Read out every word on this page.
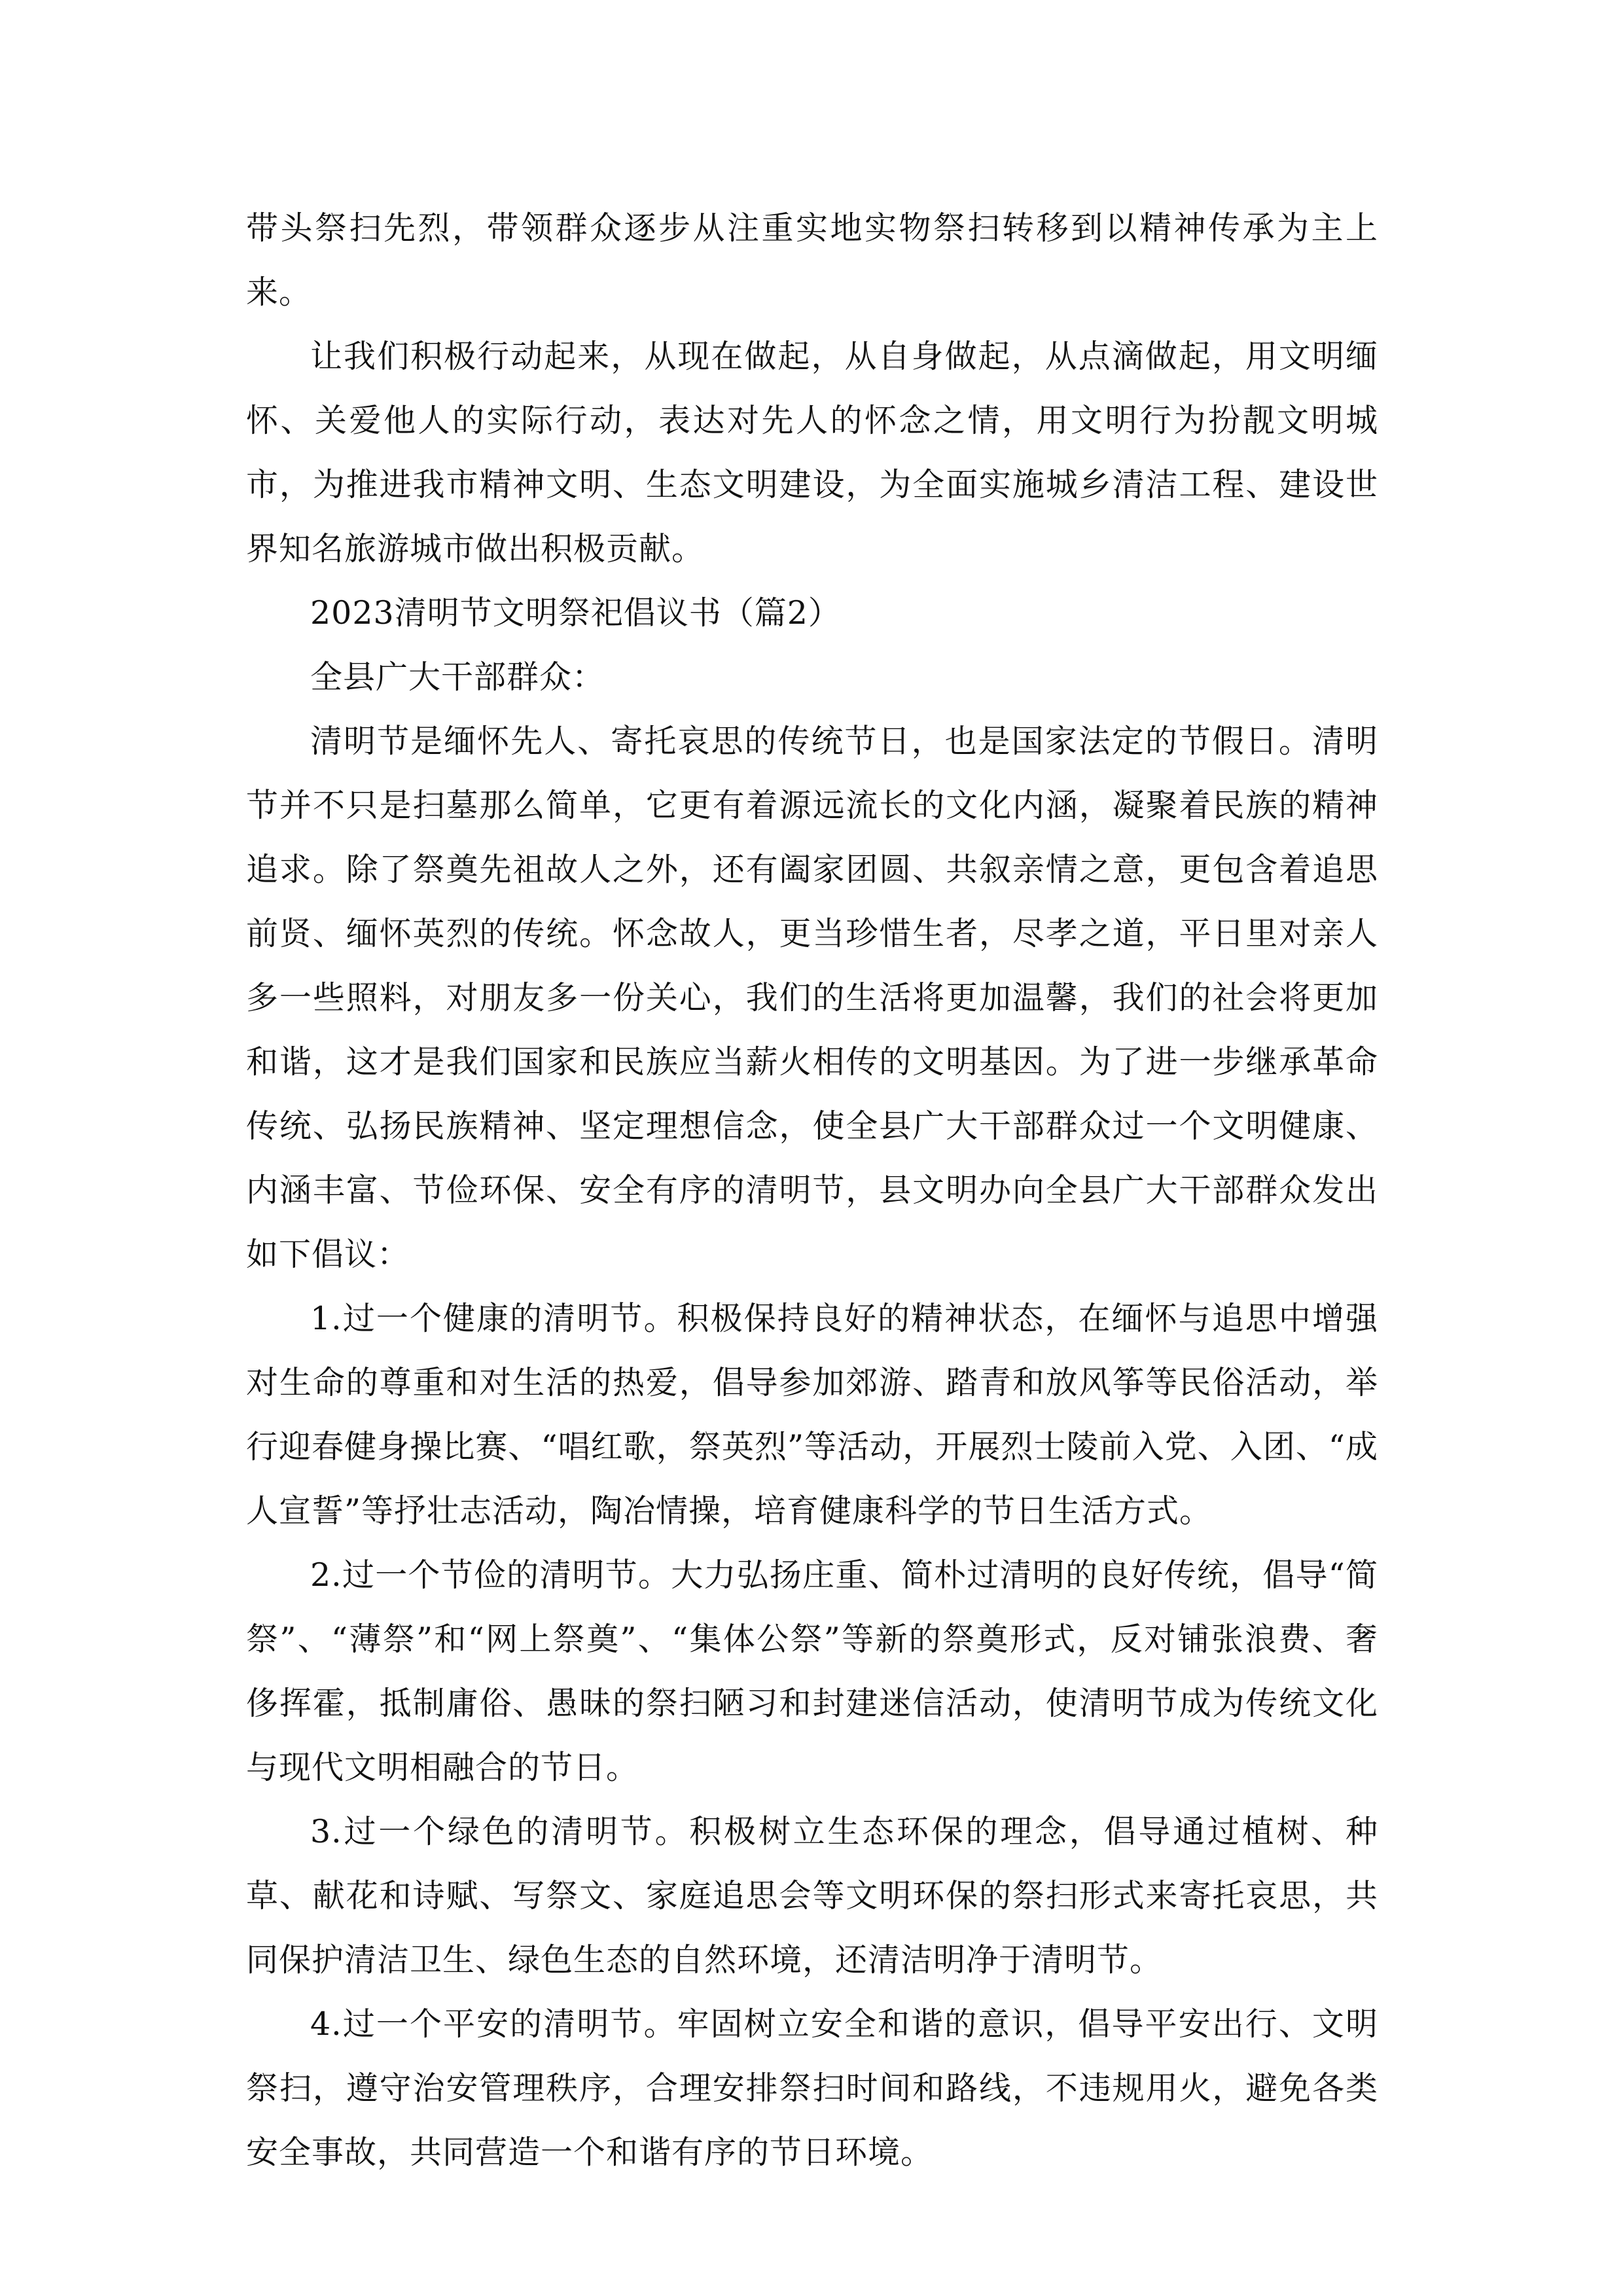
带头祭扫先烈，带领群众逐步从注重实地实物祭扫转移到以精神传承为主上来。

让我们积极行动起来，从现在做起，从自身做起，从点滴做起，用文明缅怀、关爱他人的实际行动，表达对先人的怀念之情，用文明行为扮靓文明城市，为推进我市精神文明、生态文明建设，为全面实施城乡清洁工程、建设世界知名旅游城市做出积极贡献。

2023清明节文明祭祀倡议书（篇2）

全县广大干部群众：

清明节是缅怀先人、寄托哀思的传统节日，也是国家法定的节假日。清明节并不只是扫墓那么简单，它更有着源远流长的文化内涵，凝聚着民族的精神追求。除了祭奠先祖故人之外，还有阖家团圆、共叙亲情之意，更包含着追思前贤、缅怀英烈的传统。怀念故人，更当珍惜生者，尽孝之道，平日里对亲人多一些照料，对朋友多一份关心，我们的生活将更加温馨，我们的社会将更加和谐，这才是我们国家和民族应当薪火相传的文明基因。为了进一步继承革命传统、弘扬民族精神、坚定理想信念，使全县广大干部群众过一个文明健康、内涵丰富、节俭环保、安全有序的清明节，县文明办向全县广大干部群众发出如下倡议：

1.过一个健康的清明节。积极保持良好的精神状态，在缅怀与追思中增强对生命的尊重和对生活的热爱，倡导参加郊游、踏青和放风筝等民俗活动，举行迎春健身操比赛、“唱红歌，祭英烈”等活动，开展烈士陵前入党、入团、“成人宣誓”等抒壮志活动，陶冶情操，培育健康科学的节日生活方式。

2.过一个节俭的清明节。大力弘扬庄重、简朴过清明的良好传统，倡导“简祭”、“薄祭”和“网上祭奠”、“集体公祭”等新的祭奠形式，反对铺张浪费、奢侈挥霍，抵制庸俗、愚昧的祭扫陋习和封建迷信活动，使清明节成为传统文化与现代文明相融合的节日。

3.过一个绿色的清明节。积极树立生态环保的理念，倡导通过植树、种草、献花和诗赋、写祭文、家庭追思会等文明环保的祭扫形式来寄托哀思，共同保护清洁卫生、绿色生态的自然环境，还清洁明净于清明节。

4.过一个平安的清明节。牢固树立安全和谐的意识，倡导平安出行、文明祭扫，遵守治安管理秩序，合理安排祭扫时间和路线，不违规用火，避免各类安全事故，共同营造一个和谐有序的节日环境。
